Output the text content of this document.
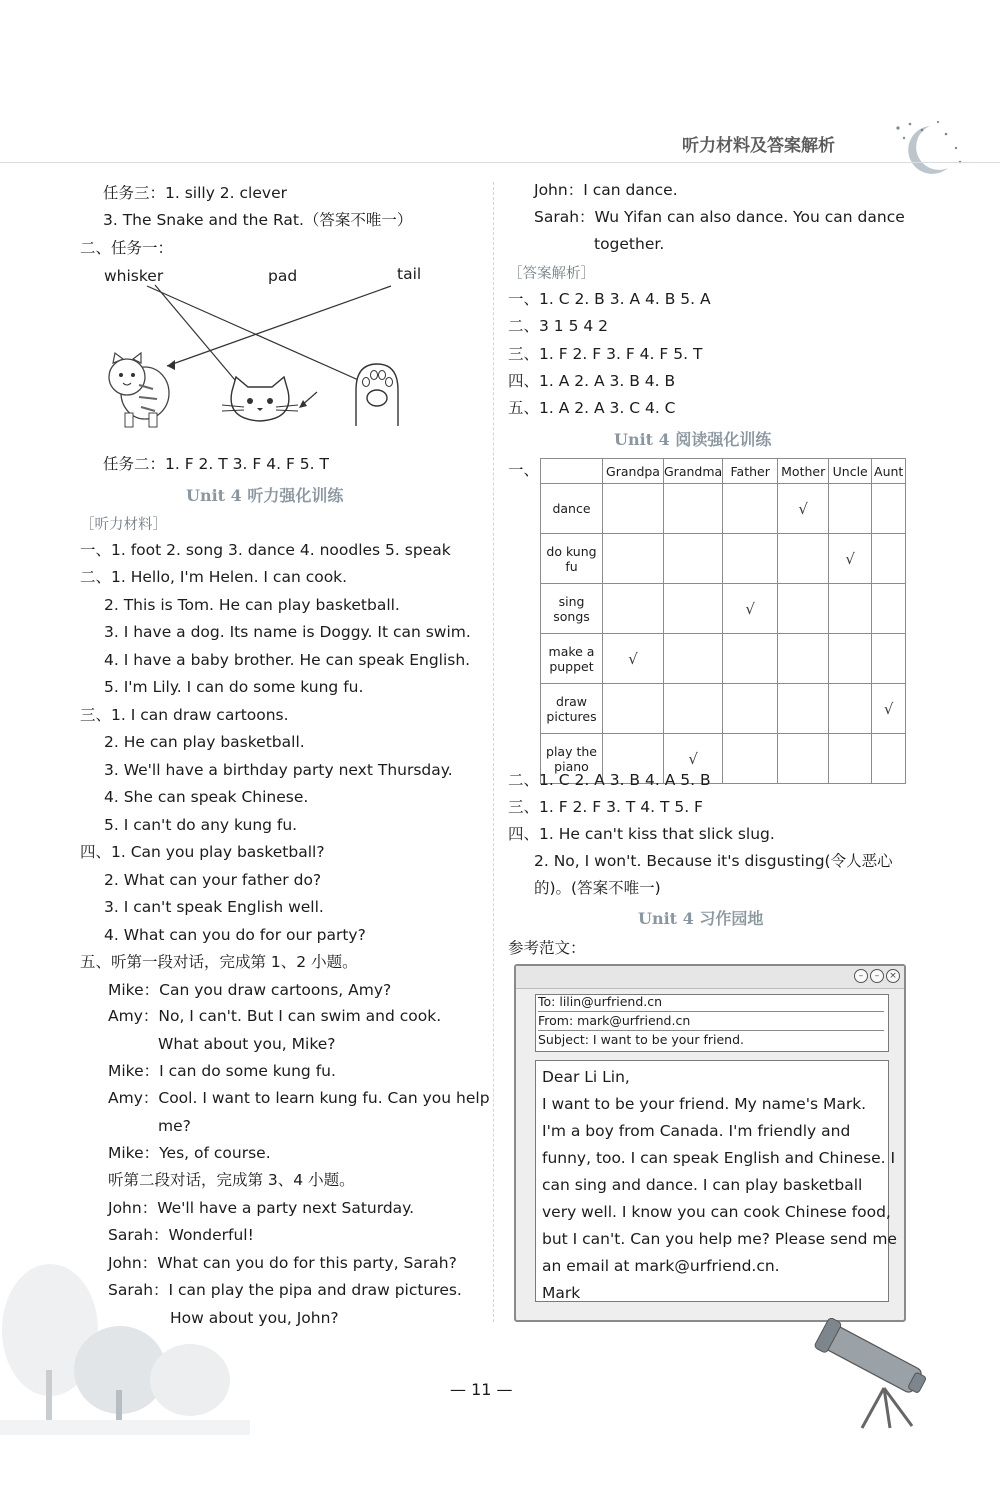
听力材料及答案解析
任务三：1. silly 2. clever
3. The Snake and the Rat.（答案不唯一）
二、任务一：
whisker	pad	tail
任务二：1. F 2. T 3. F 4. F 5. T
Unit 4 听力强化训练
［听力材料］
一、1. foot 2. song 3. dance 4. noodles 5. speak
二、1. Hello, I'm Helen. I can cook.
2. This is Tom. He can play basketball.
3. I have a dog. Its name is Doggy. It can swim.
4. I have a baby brother. He can speak English.
5. I'm Lily. I can do some kung fu.
三、1. I can draw cartoons.
2. He can play basketball.
3. We'll have a birthday party next Thursday.
4. She can speak Chinese.
5. I can't do any kung fu.
四、1. Can you play basketball?
2. What can your father do?
3. I can't speak English well.
4. What can you do for our party?
五、听第一段对话，完成第 1、2 小题。
Mike：Can you draw cartoons, Amy?
Amy：No, I can't. But I can swim and cook.
What about you, Mike?
Mike：I can do some kung fu.
Amy：Cool. I want to learn kung fu. Can you help
me?
Mike：Yes, of course.
听第二段对话，完成第 3、4 小题。
John：We'll have a party next Saturday.
Sarah：Wonderful!
John：What can you do for this party, Sarah?
Sarah：I can play the pipa and draw pictures.
How about you, John?
John：I can dance.
Sarah：Wu Yifan can also dance. You can dance
together.
［答案解析］
一、1. C 2. B 3. A 4. B 5. A
二、3 1 5 4 2
三、1. F 2. F 3. F 4. F 5. T
四、1. A 2. A 3. B 4. B
五、1. A 2. A 3. C 4. C
Unit 4 阅读强化训练
一、
		Grandpa	Grandma	Father	Mother	Uncle	Aunt
dance				√		
do kung
fu					√	
sing
songs			√			
make a
puppet	√					
draw
pictures						√
play the
piano		√				
二、1. C 2. A 3. B 4. A 5. B
三、1. F 2. F 3. T 4. T 5. F
四、1. He can't kiss that slick slug.
2. No, I won't. Because it's disgusting(令人恶心
的)。(答案不唯一)
Unit 4 习作园地
参考范文：
–	–	×
To: lilin@urfriend.cn
From: mark@urfriend.cn
Subject: I want to be your friend.
Dear Li Lin,
I want to be your friend. My name's Mark.
I'm a boy from Canada. I'm friendly and
funny, too. I can speak English and Chinese. I
can sing and dance. I can play basketball
very well. I know you can cook Chinese food,
but I can't. Can you help me? Please send me
an email at mark@urfriend.cn.
Mark
— 11 —
